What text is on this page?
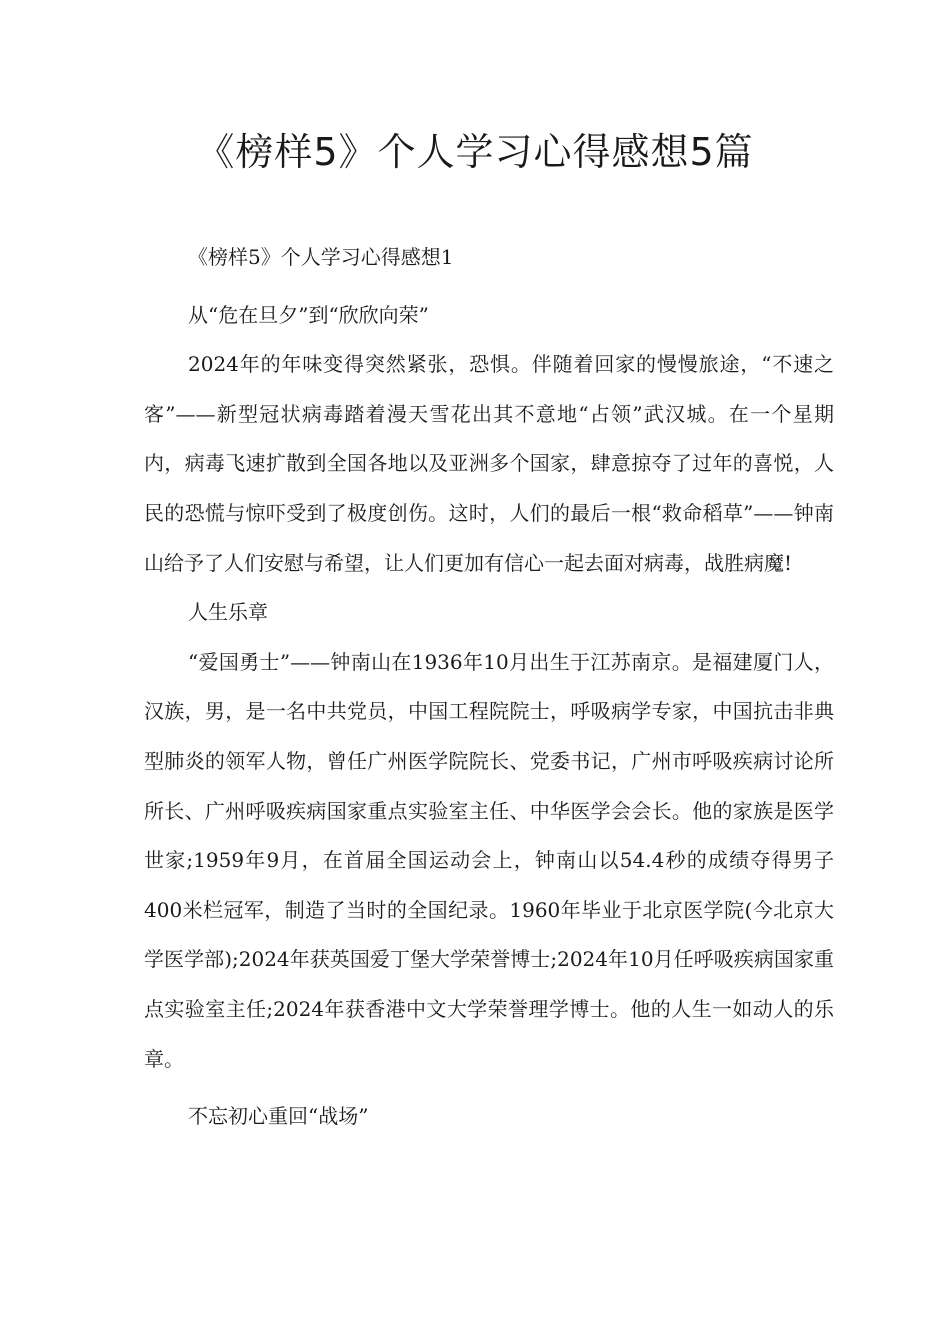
《榜样5》个人学习心得感想5篇

《榜样5》个人学习心得感想1

从“危在旦夕”到“欣欣向荣”

2024年的年味变得突然紧张，恐惧。伴随着回家的慢慢旅途，“不速之客”——新型冠状病毒踏着漫天雪花出其不意地“占领”武汉城。在一个星期内，病毒飞速扩散到全国各地以及亚洲多个国家，肆意掠夺了过年的喜悦，人民的恐慌与惊吓受到了极度创伤。这时，人们的最后一根“救命稻草”——钟南山给予了人们安慰与希望，让人们更加有信心一起去面对病毒，战胜病魔!

人生乐章

“爱国勇士”——钟南山在1936年10月出生于江苏南京。是福建厦门人，汉族，男，是一名中共党员，中国工程院院士，呼吸病学专家，中国抗击非典型肺炎的领军人物，曾任广州医学院院长、党委书记，广州市呼吸疾病讨论所所长、广州呼吸疾病国家重点实验室主任、中华医学会会长。他的家族是医学世家;1959年9月，在首届全国运动会上，钟南山以54.4秒的成绩夺得男子400米栏冠军，制造了当时的全国纪录。1960年毕业于北京医学院(今北京大学医学部);2024年获英国爱丁堡大学荣誉博士;2024年10月任呼吸疾病国家重点实验室主任;2024年获香港中文大学荣誉理学博士。他的人生一如动人的乐章。

不忘初心重回“战场”
